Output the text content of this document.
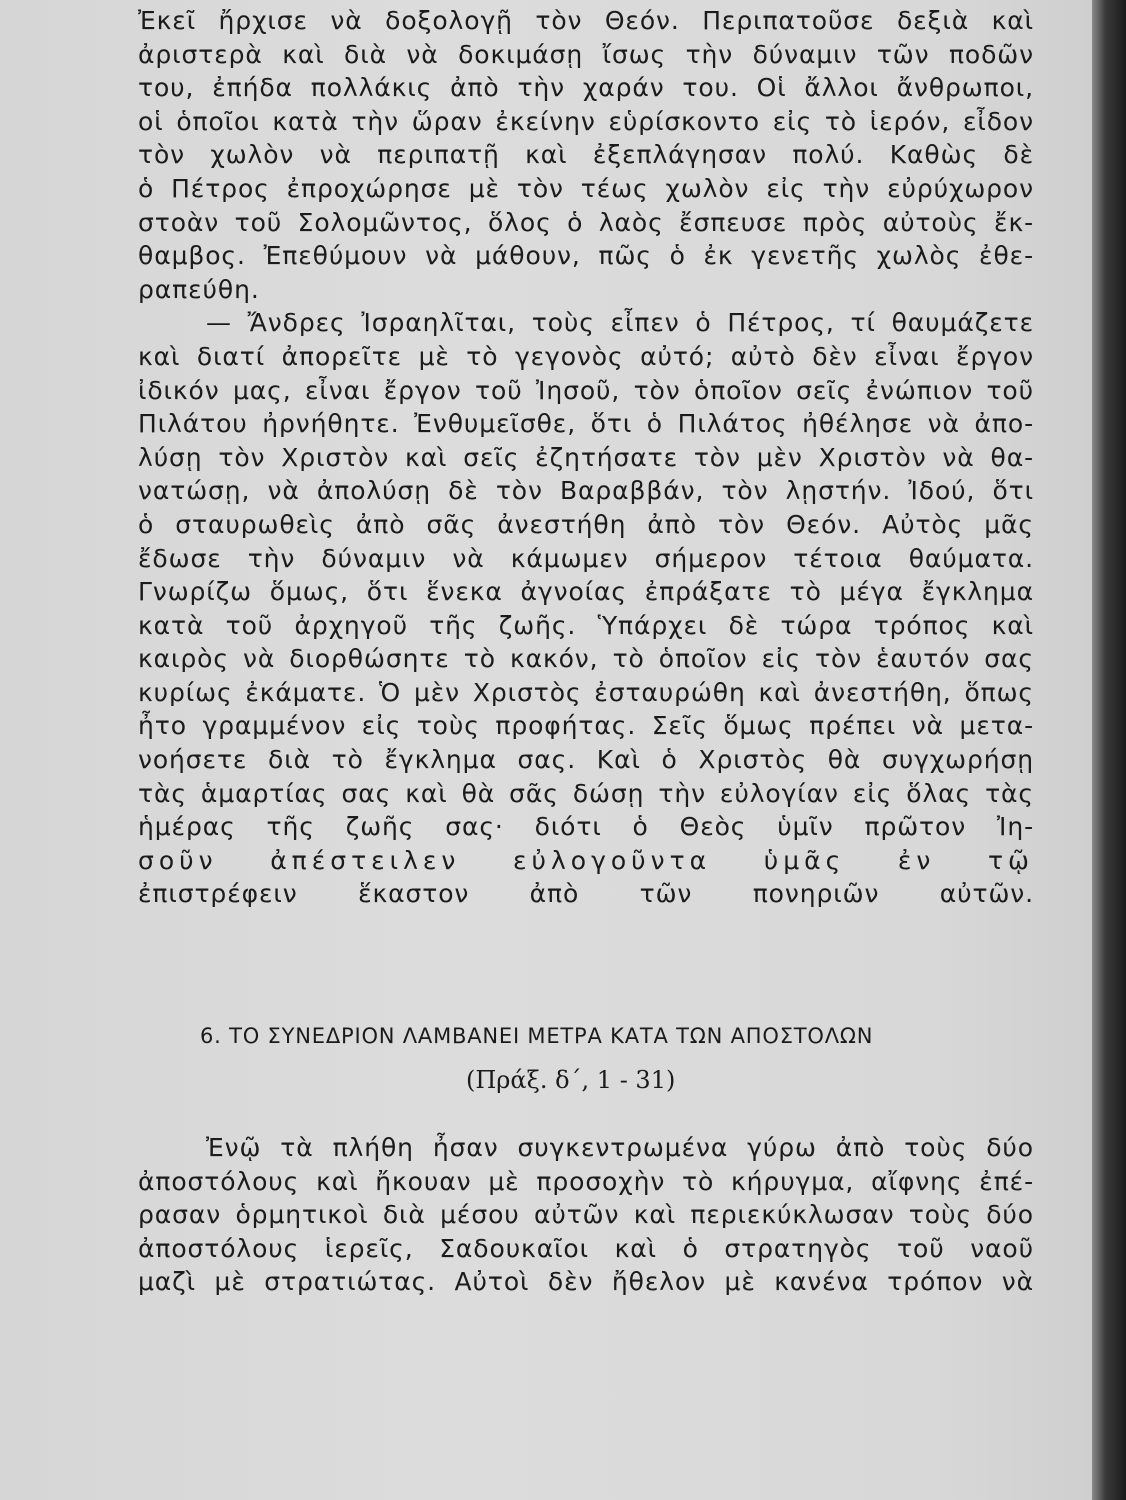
Ἐκεῖ ἤρχισε νὰ δοξολογῇ τὸν Θεόν. Περιπατοῦσε δεξιὰ καὶ
ἀριστερὰ καὶ διὰ νὰ δοκιμάσῃ ἴσως τὴν δύναμιν τῶν ποδῶν
του, ἐπήδα πολλάκις ἀπὸ τὴν χαράν του. Οἱ ἄλλοι ἄνθρωποι,
οἱ ὁποῖοι κατὰ τὴν ὥραν ἐκείνην εὑρίσκοντο εἰς τὸ ἱερόν, εἶδον
τὸν χωλὸν νὰ περιπατῇ καὶ ἐξεπλάγησαν πολύ. Καθὼς δὲ
ὁ Πέτρος ἐπροχώρησε μὲ τὸν τέως χωλὸν εἰς τὴν εὐρύχωρον
στοὰν τοῦ Σολομῶντος, ὅλος ὁ λαὸς ἔσπευσε πρὸς αὐτοὺς ἔκ-
θαμβος. Ἐπεθύμουν νὰ μάθουν, πῶς ὁ ἐκ γενετῆς χωλὸς ἐθε-
ραπεύθη.
— Ἄνδρες Ἰσραηλῖται, τοὺς εἶπεν ὁ Πέτρος, τί θαυμάζετε
καὶ διατί ἀπορεῖτε μὲ τὸ γεγονὸς αὐτό; αὐτὸ δὲν εἶναι ἔργον
ἰδικόν μας, εἶναι ἔργον τοῦ Ἰησοῦ, τὸν ὁποῖον σεῖς ἐνώπιον τοῦ
Πιλάτου ἠρνήθητε. Ἐνθυμεῖσθε, ὅτι ὁ Πιλάτος ἠθέλησε νὰ ἀπο-
λύσῃ τὸν Χριστὸν καὶ σεῖς ἐζητήσατε τὸν μὲν Χριστὸν νὰ θα-
νατώσῃ, νὰ ἀπολύσῃ δὲ τὸν Βαραββάν, τὸν λῃστήν. Ἰδού, ὅτι
ὁ σταυρωθεὶς ἀπὸ σᾶς ἀνεστήθη ἀπὸ τὸν Θεόν. Αὐτὸς μᾶς
ἔδωσε τὴν δύναμιν νὰ κάμωμεν σήμερον τέτοια θαύματα.
Γνωρίζω ὅμως, ὅτι ἕνεκα ἀγνοίας ἐπράξατε τὸ μέγα ἔγκλημα
κατὰ τοῦ ἀρχηγοῦ τῆς ζωῆς. Ὑπάρχει δὲ τώρα τρόπος καὶ
καιρὸς νὰ διορθώσητε τὸ κακόν, τὸ ὁποῖον εἰς τὸν ἑαυτόν σας
κυρίως ἐκάματε. Ὁ μὲν Χριστὸς ἐσταυρώθη καὶ ἀνεστήθη, ὅπως
ἦτο γραμμένον εἰς τοὺς προφήτας. Σεῖς ὅμως πρέπει νὰ μετα-
νοήσετε διὰ τὸ ἔγκλημα σας. Καὶ ὁ Χριστὸς θὰ συγχωρήσῃ
τὰς ἁμαρτίας σας καὶ θὰ σᾶς δώσῃ τὴν εὐλογίαν εἰς ὅλας τὰς
ἡμέρας τῆς ζωῆς σας· διότι ὁ Θεὸς ὑμῖν πρῶτον Ἰη-
σοῦν ἀπέστειλεν εὐλογοῦντα ὑμᾶς ἐν τῷ
ἐπιστρέφειν ἕκαστον ἀπὸ τῶν πονηριῶν αὐτῶν.
6. ΤΟ ΣΥΝΕΔΡΙΟΝ ΛΑΜΒΑΝΕΙ ΜΕΤΡΑ ΚΑΤΑ ΤΩΝ ΑΠΟΣΤΟΛΩΝ
(Πράξ. δ΄, 1 - 31)
Ἐνῷ τὰ πλήθη ἦσαν συγκεντρωμένα γύρω ἀπὸ τοὺς δύο
ἀποστόλους καὶ ἤκουαν μὲ προσοχὴν τὸ κήρυγμα, αἴφνης ἐπέ-
ρασαν ὁρμητικοὶ διὰ μέσου αὐτῶν καὶ περιεκύκλωσαν τοὺς δύο
ἀποστόλους ἱερεῖς, Σαδουκαῖοι καὶ ὁ στρατηγὸς τοῦ ναοῦ
μαζὶ μὲ στρατιώτας. Αὐτοὶ δὲν ἤθελον μὲ κανένα τρόπον νὰ
